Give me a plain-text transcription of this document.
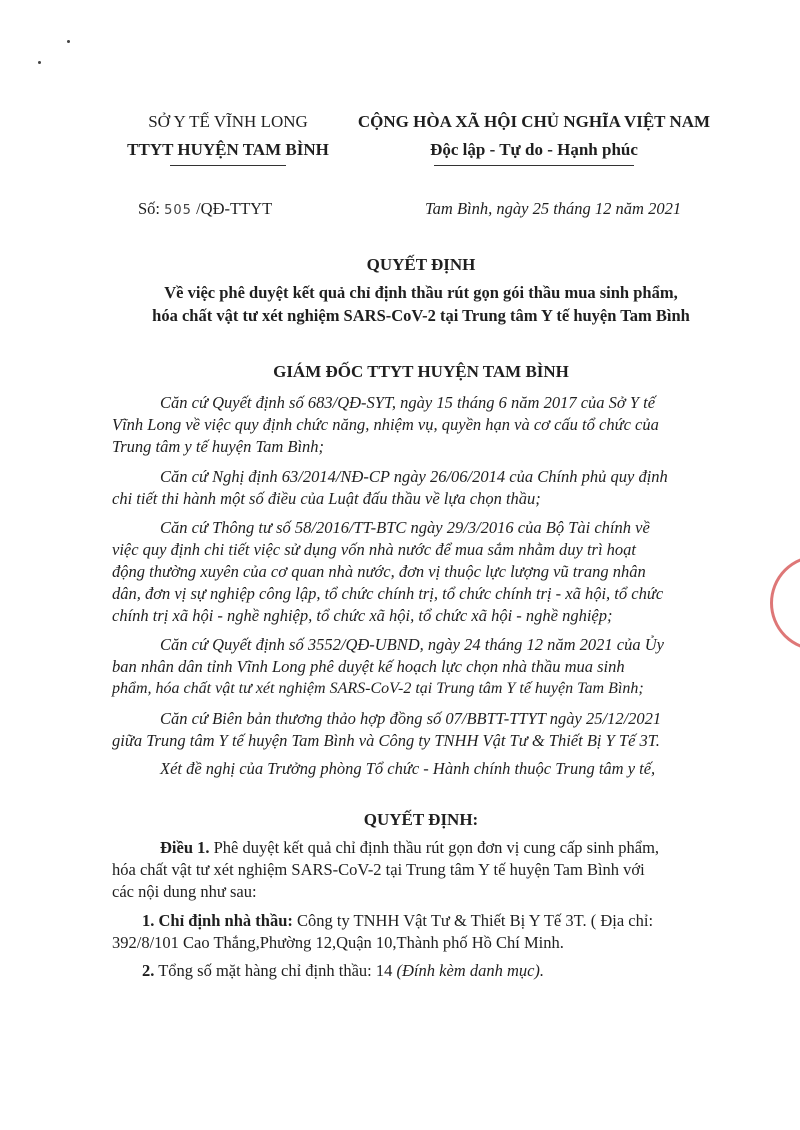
SỞ Y TẾ VĨNH LONG
TTYT HUYỆN TAM BÌNH
CỘNG HÒA XÃ HỘI CHỦ NGHĨA VIỆT NAM
Độc lập - Tự do - Hạnh phúc
Số: 505 /QĐ-TTYT	Tam Bình, ngày 25 tháng 12 năm 2021
QUYẾT ĐỊNH
Về việc phê duyệt kết quả chỉ định thầu rút gọn gói thầu mua sinh phẩm,
hóa chất vật tư xét nghiệm SARS-CoV-2 tại Trung tâm Y tế huyện Tam Bình
GIÁM ĐỐC TTYT HUYỆN TAM BÌNH
Căn cứ Quyết định số 683/QĐ-SYT, ngày 15 tháng 6 năm 2017 của Sở Y tế
Vĩnh Long về việc quy định chức năng, nhiệm vụ, quyền hạn và cơ cấu tổ chức của
Trung tâm y tế huyện Tam Bình;
Căn cứ Nghị định 63/2014/NĐ-CP ngày 26/06/2014 của Chính phủ quy định
chi tiết thi hành một số điều của Luật đấu thầu về lựa chọn thầu;
Căn cứ Thông tư số 58/2016/TT-BTC ngày 29/3/2016 của Bộ Tài chính về
việc quy định chi tiết việc sử dụng vốn nhà nước để mua sắm nhằm duy trì hoạt
động thường xuyên của cơ quan nhà nước, đơn vị thuộc lực lượng vũ trang nhân
dân, đơn vị sự nghiệp công lập, tổ chức chính trị, tổ chức chính trị - xã hội, tổ chức
chính trị xã hội - nghề nghiệp, tổ chức xã hội, tổ chức xã hội - nghề nghiệp;
Căn cứ Quyết định số 3552/QĐ-UBND, ngày 24 tháng 12 năm 2021 của Ủy
ban nhân dân tỉnh Vĩnh Long phê duyệt kế hoạch lực chọn nhà thầu mua sinh
phẩm, hóa chất vật tư xét nghiệm SARS-CoV-2 tại Trung tâm Y tế huyện Tam Bình;
Căn cứ Biên bản thương thảo hợp đồng số 07/BBTT-TTYT ngày 25/12/2021
giữa Trung tâm Y tế huyện Tam Bình và Công ty TNHH Vật Tư & Thiết Bị Y Tế 3T.
Xét đề nghị của Trưởng phòng Tổ chức - Hành chính thuộc Trung tâm y tế,
QUYẾT ĐỊNH:
Điều 1. Phê duyệt kết quả chỉ định thầu rút gọn đơn vị cung cấp sinh phẩm,
hóa chất vật tư xét nghiệm SARS-CoV-2 tại Trung tâm Y tế huyện Tam Bình với
các nội dung như sau:
1. Chỉ định nhà thầu: Công ty TNHH Vật Tư & Thiết Bị Y Tế 3T. ( Địa chỉ:
392/8/101 Cao Thắng,Phường 12,Quận 10,Thành phố Hồ Chí Minh.
2. Tổng số mặt hàng chỉ định thầu: 14 (Đính kèm danh mục).
